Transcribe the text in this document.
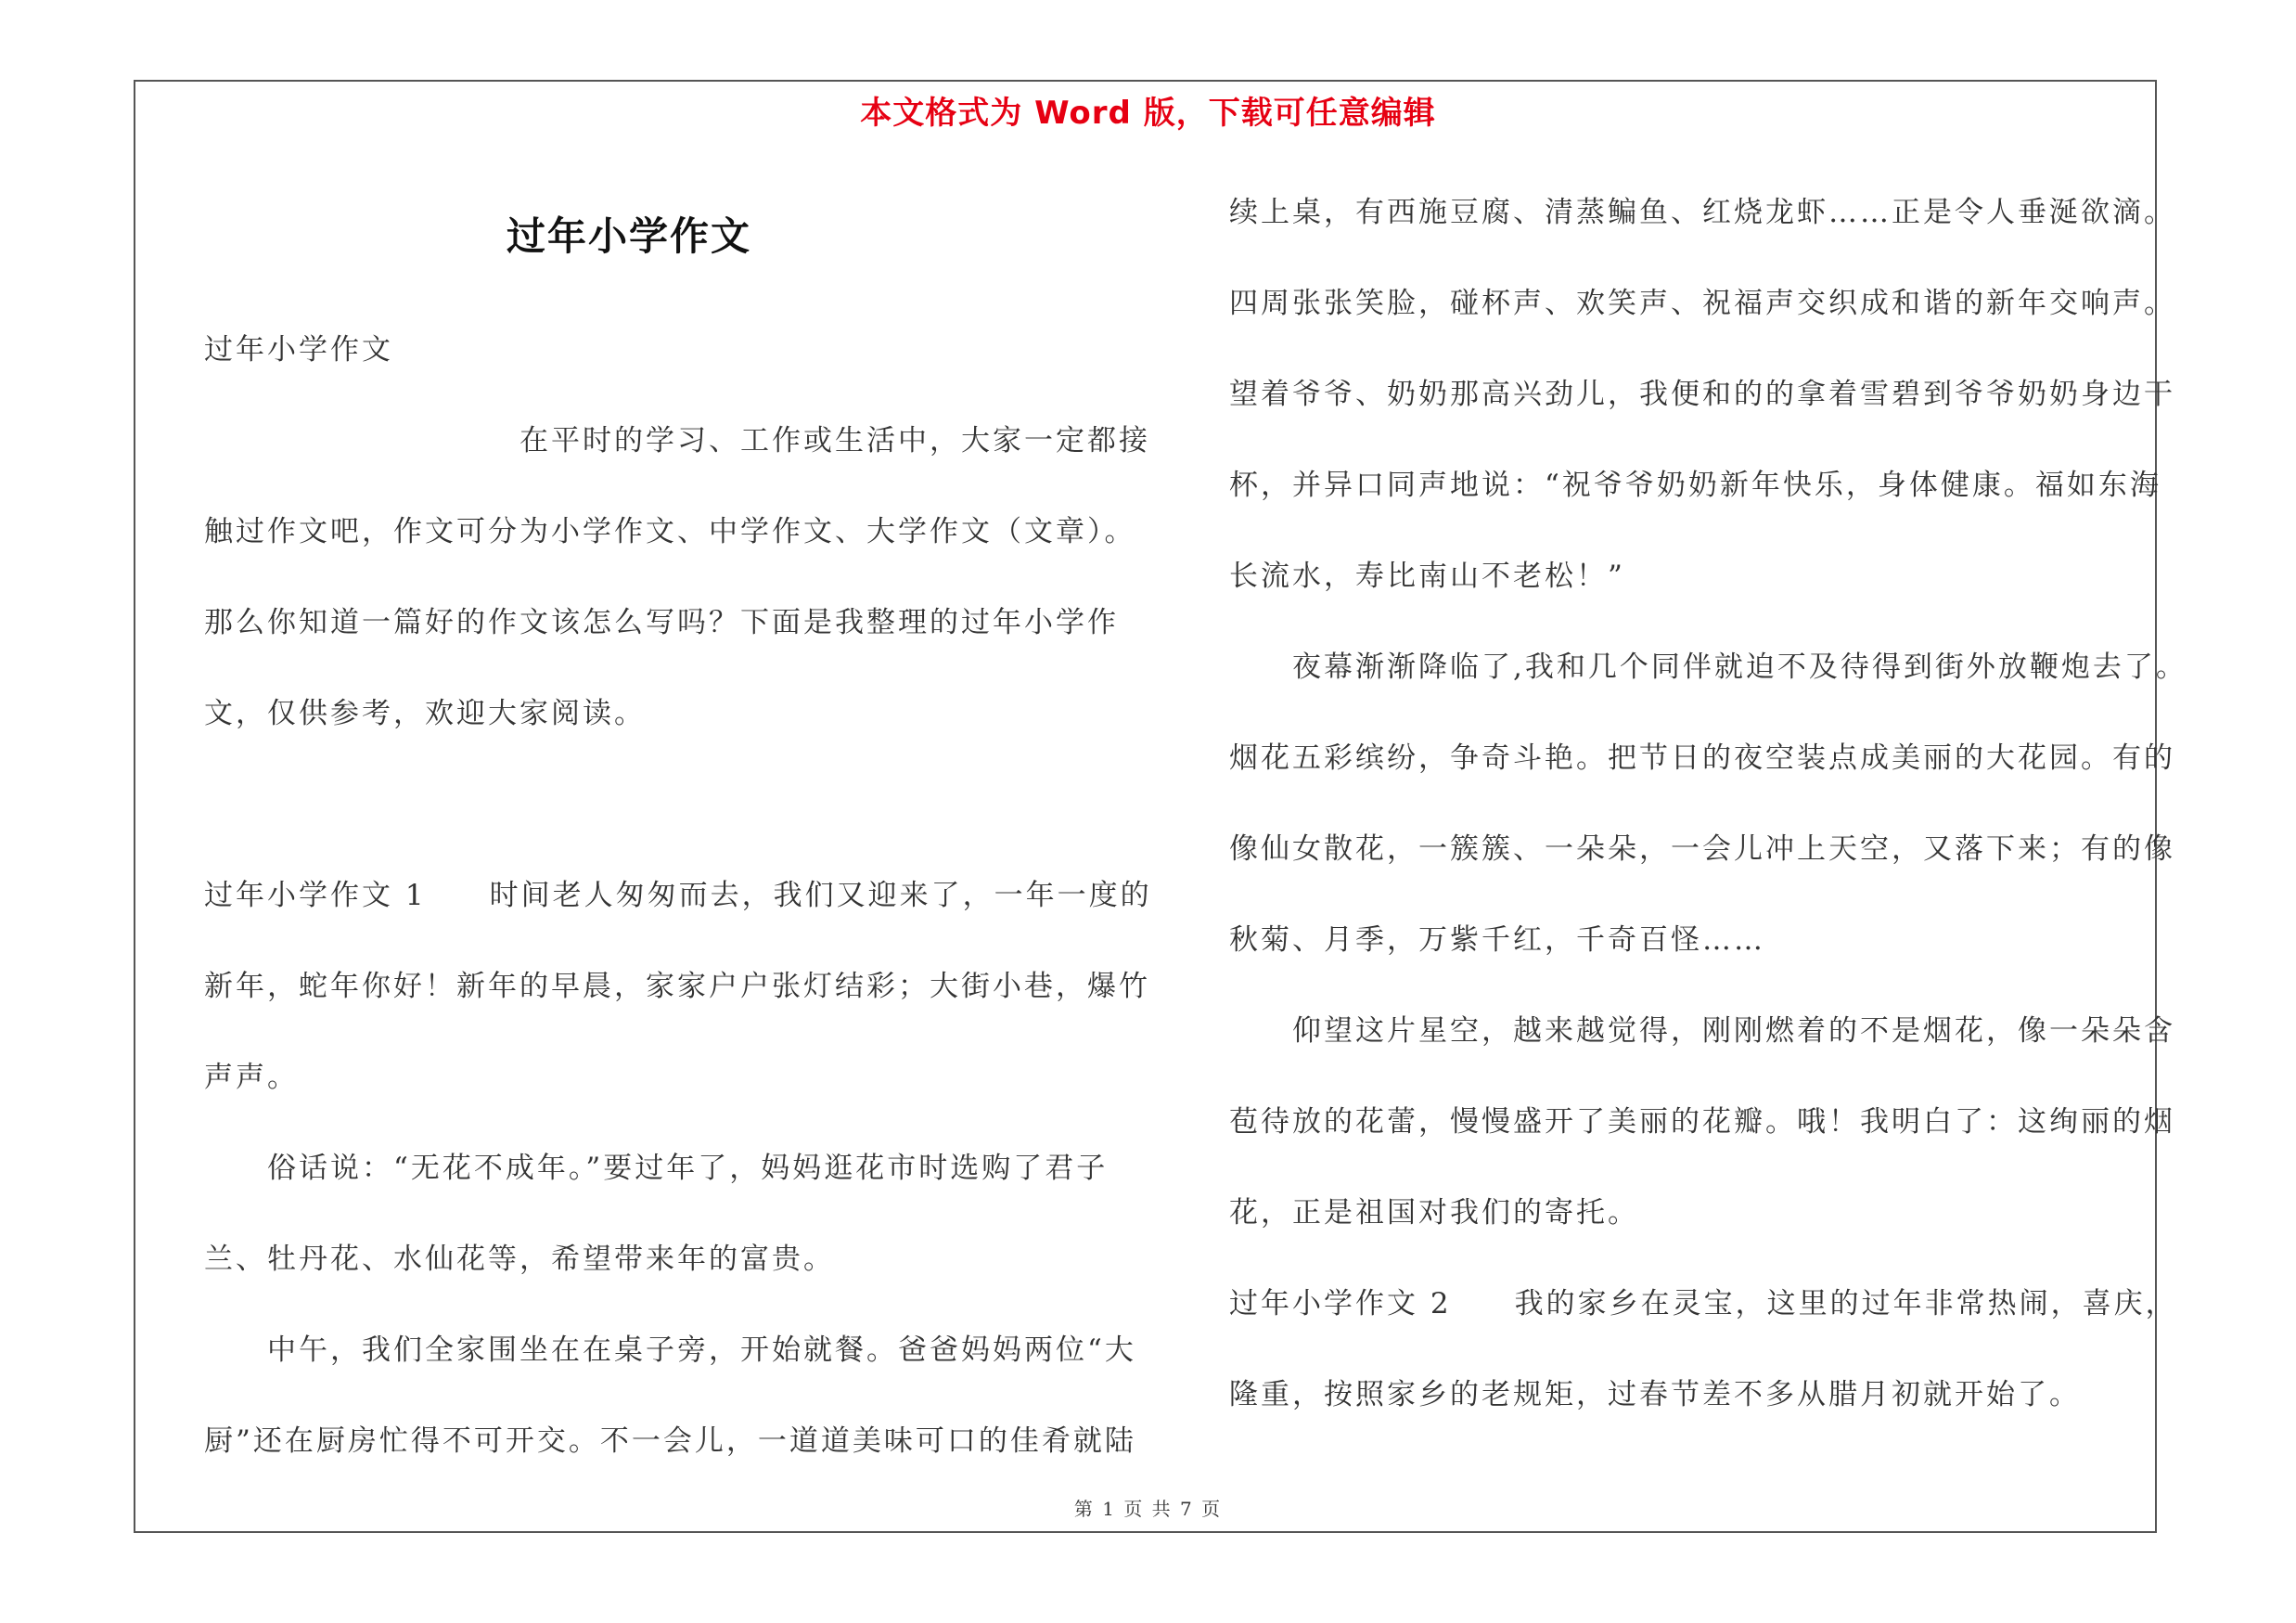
本文格式为 Word 版，下载可任意编辑
过年小学作文

过年小学作文

　　　　　　　　　　在平时的学习、工作或生活中，大家一定都接

触过作文吧，作文可分为小学作文、中学作文、大学作文（文章）。

那么你知道一篇好的作文该怎么写吗？下面是我整理的过年小学作

文，仅供参考，欢迎大家阅读。

过年小学作文 1　　时间老人匆匆而去，我们又迎来了，一年一度的

新年，蛇年你好！新年的早晨，家家户户张灯结彩；大街小巷，爆竹

声声。

　　俗话说：“无花不成年。”要过年了，妈妈逛花市时选购了君子

兰、牡丹花、水仙花等，希望带来年的富贵。

　　中午，我们全家围坐在在桌子旁，开始就餐。爸爸妈妈两位“大

厨”还在厨房忙得不可开交。不一会儿，一道道美味可口的佳肴就陆

续上桌，有西施豆腐、清蒸鳊鱼、红烧龙虾……正是令人垂涎欲滴。

四周张张笑脸，碰杯声、欢笑声、祝福声交织成和谐的新年交响声。

望着爷爷、奶奶那高兴劲儿，我便和的的拿着雪碧到爷爷奶奶身边干

杯，并异口同声地说：“祝爷爷奶奶新年快乐，身体健康。福如东海

长流水，寿比南山不老松！”

　　夜幕渐渐降临了,我和几个同伴就迫不及待得到街外放鞭炮去了。

烟花五彩缤纷，争奇斗艳。把节日的夜空装点成美丽的大花园。有的

像仙女散花，一簇簇、一朵朵，一会儿冲上天空，又落下来；有的像

秋菊、月季，万紫千红，千奇百怪……

　　仰望这片星空，越来越觉得，刚刚燃着的不是烟花，像一朵朵含

苞待放的花蕾，慢慢盛开了美丽的花瓣。哦！我明白了：这绚丽的烟

花，正是祖国对我们的寄托。

过年小学作文 2　　我的家乡在灵宝，这里的过年非常热闹，喜庆，

隆重，按照家乡的老规矩，过春节差不多从腊月初就开始了。

第 1 页 共 7 页
